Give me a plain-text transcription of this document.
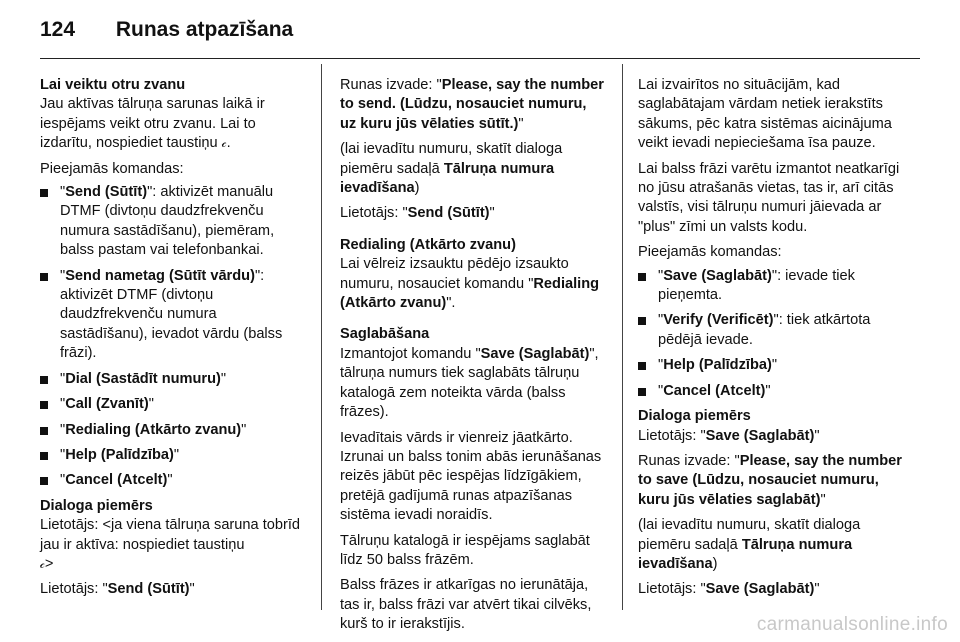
124 Runas atpazīšana

Lai veiktu otru zvanu

Jau aktīvas tālruņa sarunas laikā ir iespējams veikt otru zvanu. Lai to izdarītu, nospiediet taustiņu 𝒸.

Pieejamās komandas:

"Send (Sūtīt)": aktivizēt manuālu DTMF (divtoņu daudzfrekvenču numura sastādīšanu), piemēram, balss pastam vai telefonbankai.
"Send nametag (Sūtīt vārdu)": aktivizēt DTMF (divtoņu daudzfrekvenču numura sastādīšanu), ievadot vārdu (balss frāzi).
"Dial (Sastādīt numuru)"
"Call (Zvanīt)"
"Redialing (Atkārto zvanu)"
"Help (Palīdzība)"
"Cancel (Atcelt)"

Dialoga piemērs

Lietotājs: <ja viena tālruņa saruna tobrīd jau ir aktīva: nospiediet taustiņu
𝒸>

Lietotājs: "Send (Sūtīt)"

Runas izvade: "Please, say the number to send. (Lūdzu, nosauciet numuru, uz kuru jūs vēlaties sūtīt.)"

(lai ievadītu numuru, skatīt dialoga piemēru sadaļā Tālruņa numura ievadīšana)

Lietotājs: "Send (Sūtīt)"

Redialing (Atkārto zvanu)

Lai vēlreiz izsauktu pēdējo izsaukto numuru, nosauciet komandu "Redialing (Atkārto zvanu)".

Saglabāšana

Izmantojot komandu "Save (Saglabāt)", tālruņa numurs tiek saglabāts tālruņu katalogā zem noteikta vārda (balss frāzes).

Ievadītais vārds ir vienreiz jāatkārto. Izrunai un balss tonim abās ierunāšanas reizēs jābūt pēc iespējas līdzīgākiem, pretējā gadījumā runas atpazīšanas sistēma ievadi noraidīs.

Tālruņu katalogā ir iespējams saglabāt līdz 50 balss frāzēm.

Balss frāzes ir atkarīgas no ierunātāja, tas ir, balss frāzi var atvērt tikai cilvēks, kurš to ir ierakstījis.

Lai izvairītos no situācijām, kad saglabātajam vārdam netiek ierakstīts sākums, pēc katra sistēmas aicinājuma veikt ievadi nepieciešama īsa pauze.

Lai balss frāzi varētu izmantot neatkarīgi no jūsu atrašanās vietas, tas ir, arī citās valstīs, visi tālruņu numuri jāievada ar "plus" zīmi un valsts kodu.

Pieejamās komandas:

"Save (Saglabāt)": ievade tiek pieņemta.
"Verify (Verificēt)": tiek atkārtota pēdējā ievade.
"Help (Palīdzība)"
"Cancel (Atcelt)"

Dialoga piemērs

Lietotājs: "Save (Saglabāt)"

Runas izvade: "Please, say the number to save (Lūdzu, nosauciet numuru, kuru jūs vēlaties saglabāt)"

(lai ievadītu numuru, skatīt dialoga piemēru sadaļā Tālruņa numura ievadīšana)

Lietotājs: "Save (Saglabāt)"

carmanualsonline.info
